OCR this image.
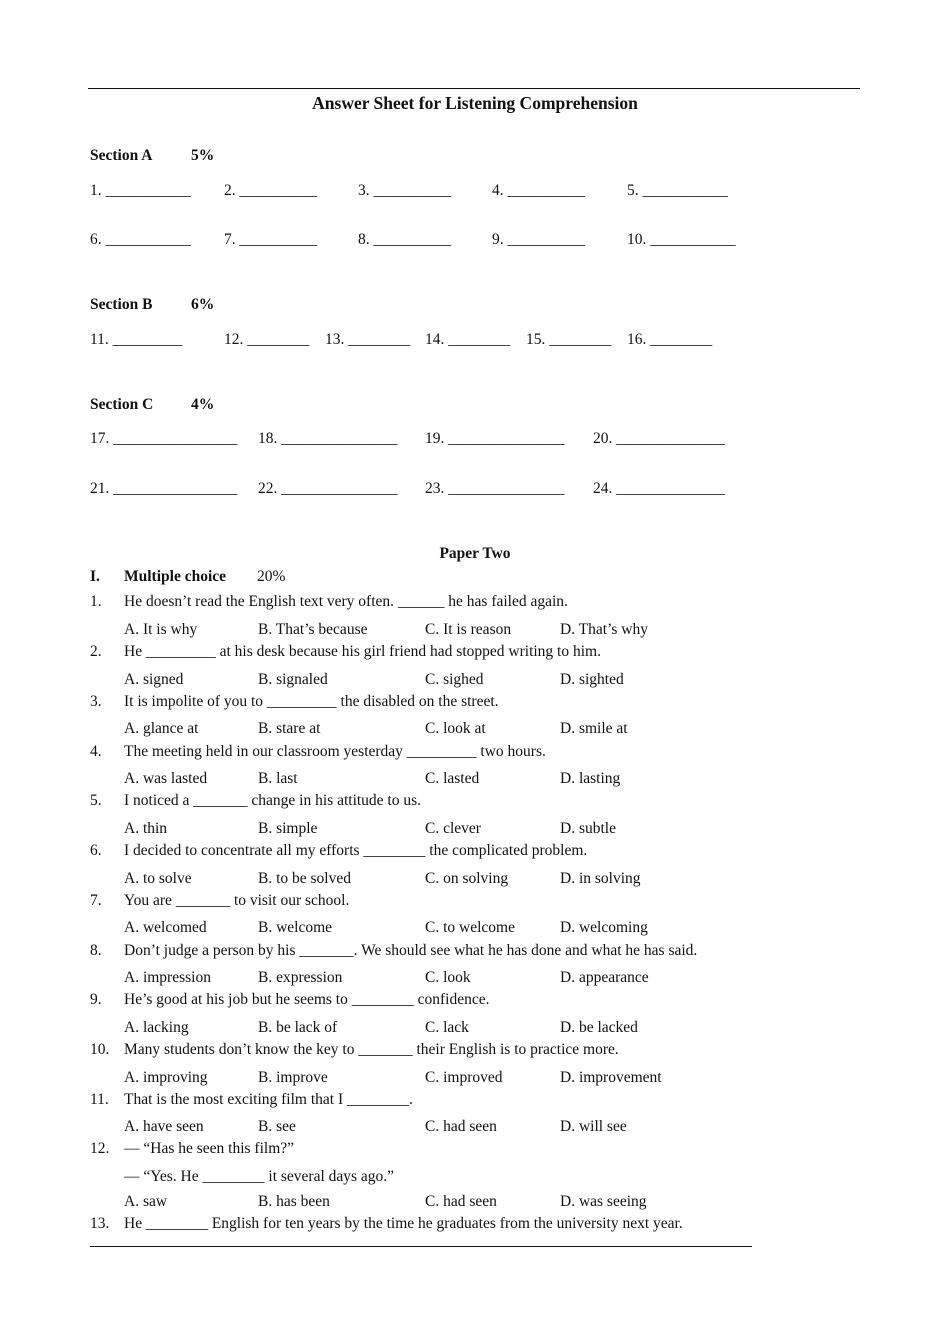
Answer Sheet for Listening Comprehension
Section A 5%
1. ___________ 2. __________	3. __________	4. __________	5. ___________
6. ___________ 7. __________	8. __________	9. __________	10. ___________
Section B 6%
11. _________	12. ________ 13. ________ 14. ________ 15. ________ 16. ________
Section C 4%
17. ________________ 18. _______________ 19. _______________ 20. ______________
21. ________________ 22. _______________ 23. _______________ 24. ______________
Paper Two
I. Multiple choice 20%
1. He doesn’t read the English text very often. ______ he has failed again.
A. It is why	B. That’s because	C. It is reason	D. That’s why
2. He _________ at his desk because his girl friend had stopped writing to him.
A. signed	B. signaled	C. sighed	D. sighted
3. It is impolite of you to _________ the disabled on the street.
A. glance at	B. stare at	C. look at	D. smile at
4. The meeting held in our classroom yesterday _________ two hours.
A. was lasted	B. last	C. lasted	D. lasting
5. I noticed a _______ change in his attitude to us.
A. thin	B. simple	C. clever	D. subtle
6. I decided to concentrate all my efforts ________ the complicated problem.
A. to solve	B. to be solved	C. on solving	D. in solving
7. You are _______ to visit our school.
A. welcomed	B. welcome	C. to welcome	D. welcoming
8. Don’t judge a person by his _______. We should see what he has done and what he has said.
A. impression	B. expression	C. look	D. appearance
9. He’s good at his job but he seems to ________ confidence.
A. lacking	B. be lack of	C. lack	D. be lacked
10. Many students don’t know the key to _______ their English is to practice more.
A. improving	B. improve	C. improved	D. improvement
11. That is the most exciting film that I ________.
A. have seen	B. see	C. had seen	D. will see
12. — “Has he seen this film?”
— “Yes. He ________ it several days ago.”
A. saw	B. has been	C. had seen	D. was seeing
13. He ________ English for ten years by the time he graduates from the university next year.
